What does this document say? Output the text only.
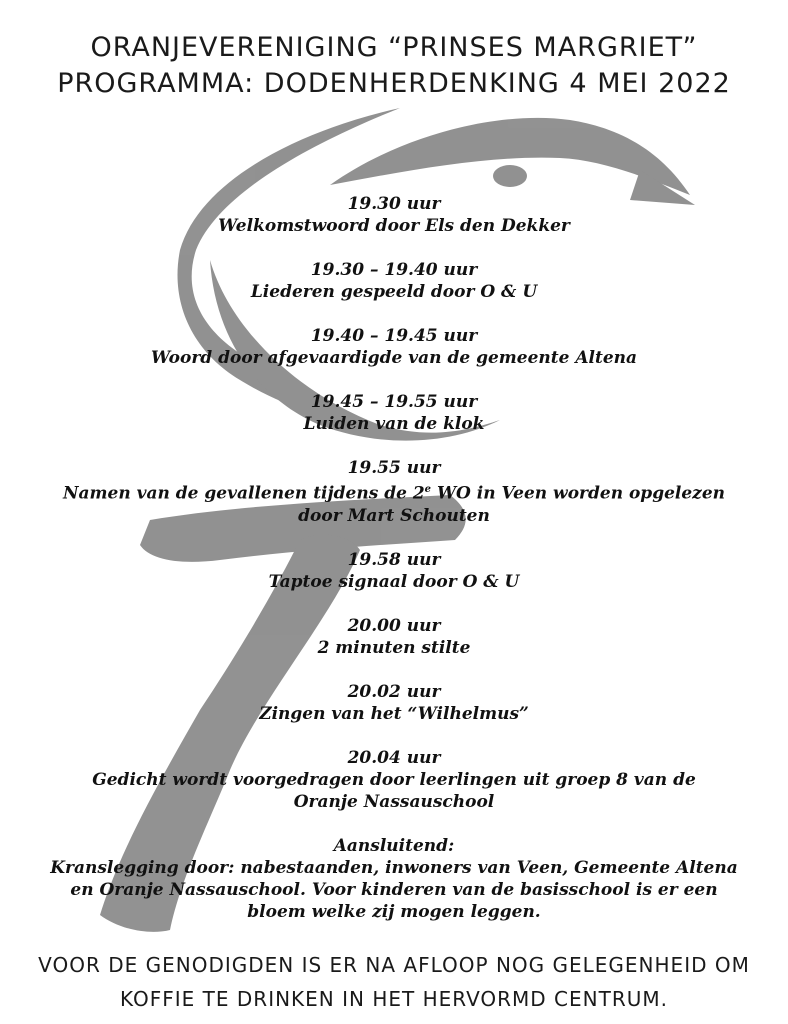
ORANJEVERENIGING “PRINSES MARGRIET”
PROGRAMMA: DODENHERDENKING 4 MEI 2022
19.30 uur
Welkomstwoord door Els den Dekker
19.30 – 19.40 uur
Liederen gespeeld door O & U
19.40 – 19.45 uur
Woord door afgevaardigde van de gemeente Altena
19.45 – 19.55 uur
Luiden van de klok
19.55 uur
Namen van de gevallenen tijdens de 2e WO in Veen worden opgelezen door Mart Schouten
19.58 uur
Taptoe signaal door O & U
20.00 uur
2 minuten stilte
20.02 uur
Zingen van het “Wilhelmus”
20.04 uur
Gedicht wordt voorgedragen door leerlingen uit groep 8 van de Oranje Nassauschool
Aansluitend:
Kranslegging door: nabestaanden, inwoners van Veen, Gemeente Altena en Oranje Nassauschool. Voor kinderen van de basisschool is er een bloem welke zij mogen leggen.
VOOR DE GENODIGDEN IS ER NA AFLOOP NOG GELEGENHEID OM
KOFFIE TE DRINKEN IN HET HERVORMD CENTRUM.
